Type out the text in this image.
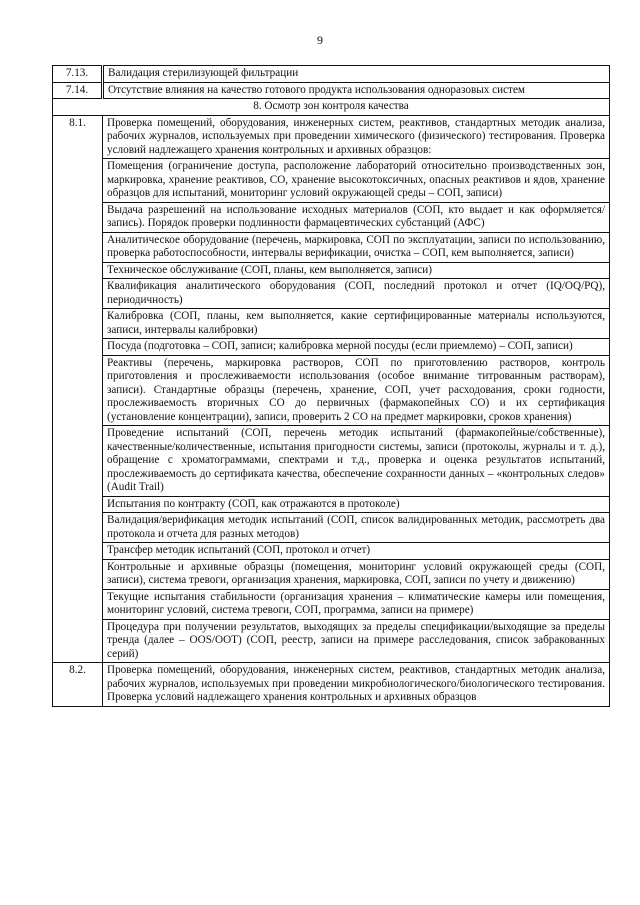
9
7.13.	Валидация стерилизующей фильтрации
7.14.	Отсутствие влияния на качество готового продукта использования одноразовых систем
8. Осмотр зон контроля качества	
8.1.	Проверка помещений, оборудования, инженерных систем, реактивов, стандартных методик анализа, рабочих журналов, используемых при проведении химического (физического) тестирования. Проверка условий надлежащего хранения контрольных и архивных образцов:
	Помещения (ограничение доступа, расположение лабораторий относительно производственных зон, маркировка, хранение реактивов, СО, хранение высокотоксичных, опасных реактивов и ядов, хранение образцов для испытаний, мониторинг условий окружающей среды – СОП, записи)
	Выдача разрешений на использование исходных материалов (СОП, кто выдает и как оформляется/запись). Порядок проверки подлинности фармацевтических субстанций (АФС)
	Аналитическое оборудование (перечень, маркировка, СОП по эксплуатации, записи по использованию, проверка работоспособности, интервалы верификации, очистка – СОП, кем выполняется, записи)
	Техническое обслуживание (СОП, планы, кем выполняется, записи)
	Квалификация аналитического оборудования (СОП, последний протокол и отчет (IQ/OQ/PQ), периодичность)
	Калибровка (СОП, планы, кем выполняется, какие сертифицированные материалы используются, записи, интервалы калибровки)
	Посуда (подготовка – СОП, записи; калибровка мерной посуды (если приемлемо) – СОП, записи)
	Реактивы (перечень, маркировка растворов, СОП по приготовлению растворов, контроль приготовления и прослеживаемости использования (особое внимание титрованным растворам), записи). Стандартные образцы (перечень, хранение, СОП, учет расходования, сроки годности, прослеживаемость вторичных СО до первичных (фармакопейных СО) и их сертификация (установление концентрации), записи, проверить 2 СО на предмет маркировки, сроков хранения)
	Проведение испытаний (СОП, перечень методик испытаний (фармакопейные/собственные), качественные/количественные, испытания пригодности системы, записи (протоколы, журналы и т. д.), обращение с хроматограммами, спектрами и т.д., проверка и оценка результатов испытаний, прослеживаемость до сертификата качества, обеспечение сохранности данных – «контрольных следов» (Audit Trail)
	Испытания по контракту (СОП, как отражаются в протоколе)
	Валидация/верификация методик испытаний (СОП, список валидированных методик, рассмотреть два протокола и отчета для разных методов)
	Трансфер методик испытаний (СОП, протокол и отчет)
	Контрольные и архивные образцы (помещения, мониторинг условий окружающей среды (СОП, записи), система тревоги, организация хранения, маркировка, СОП, записи по учету и движению)
	Текущие испытания стабильности (организация хранения – климатические камеры или помещения, мониторинг условий, система тревоги, СОП, программа, записи на примере)
	Процедура при получении результатов, выходящих за пределы спецификации/выходящие за пределы тренда (далее – OOS/OOT) (СОП, реестр, записи на примере расследования, список забракованных серий)
8.2.	Проверка помещений, оборудования, инженерных систем, реактивов, стандартных методик анализа, рабочих журналов, используемых при проведении микробиологического/биологического тестирования. Проверка условий надлежащего хранения контрольных и архивных образцов
